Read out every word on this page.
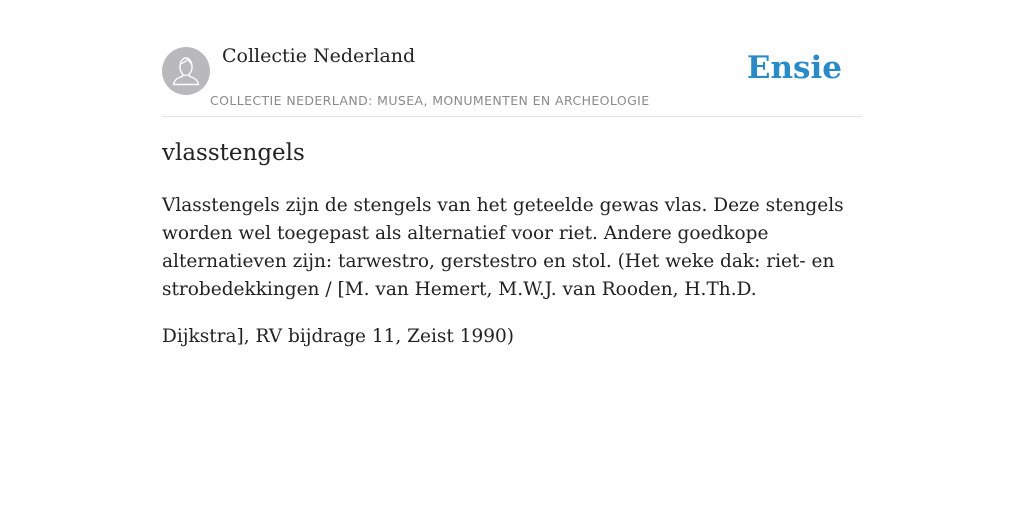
Collectie Nederland
COLLECTIE NEDERLAND: MUSEA, MONUMENTEN EN ARCHEOLOGIE
Ensie
vlasstengels

Vlasstengels zijn de stengels van het geteelde gewas vlas. Deze stengels worden wel toegepast als alternatief voor riet. Andere goedkope alternatieven zijn: tarwestro, gerstestro en stol. (Het weke dak: riet- en strobedekkingen / [M. van Hemert, M.W.J. van Rooden, H.Th.D.

Dijkstra], RV bijdrage 11, Zeist 1990)
